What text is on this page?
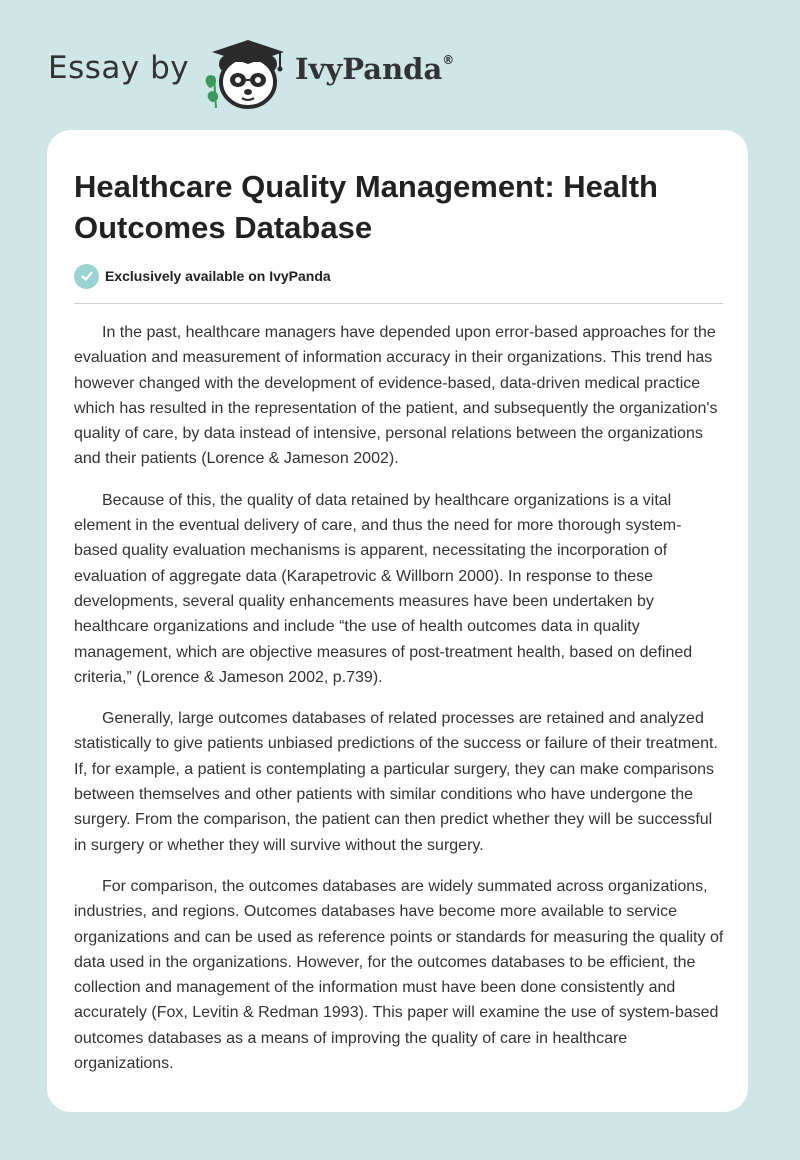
Essay by	IvyPanda®
Healthcare Quality Management: Health Outcomes Database
Exclusively available on IvyPanda

In the past, healthcare managers have depended upon error-based approaches for the evaluation and measurement of information accuracy in their organizations. This trend has however changed with the development of evidence-based, data-driven medical practice which has resulted in the representation of the patient, and subsequently the organization's quality of care, by data instead of intensive, personal relations between the organizations and their patients (Lorence & Jameson 2002).

Because of this, the quality of data retained by healthcare organizations is a vital element in the eventual delivery of care, and thus the need for more thorough system-based quality evaluation mechanisms is apparent, necessitating the incorporation of evaluation of aggregate data (Karapetrovic & Willborn 2000). In response to these developments, several quality enhancements measures have been undertaken by healthcare organizations and include “the use of health outcomes data in quality management, which are objective measures of post-treatment health, based on defined criteria,” (Lorence & Jameson 2002, p.739).

Generally, large outcomes databases of related processes are retained and analyzed statistically to give patients unbiased predictions of the success or failure of their treatment. If, for example, a patient is contemplating a particular surgery, they can make comparisons between themselves and other patients with similar conditions who have undergone the surgery. From the comparison, the patient can then predict whether they will be successful in surgery or whether they will survive without the surgery.

For comparison, the outcomes databases are widely summated across organizations, industries, and regions. Outcomes databases have become more available to service organizations and can be used as reference points or standards for measuring the quality of data used in the organizations. However, for the outcomes databases to be efficient, the collection and management of the information must have been done consistently and accurately (Fox, Levitin & Redman 1993). This paper will examine the use of system-based outcomes databases as a means of improving the quality of care in healthcare organizations.
